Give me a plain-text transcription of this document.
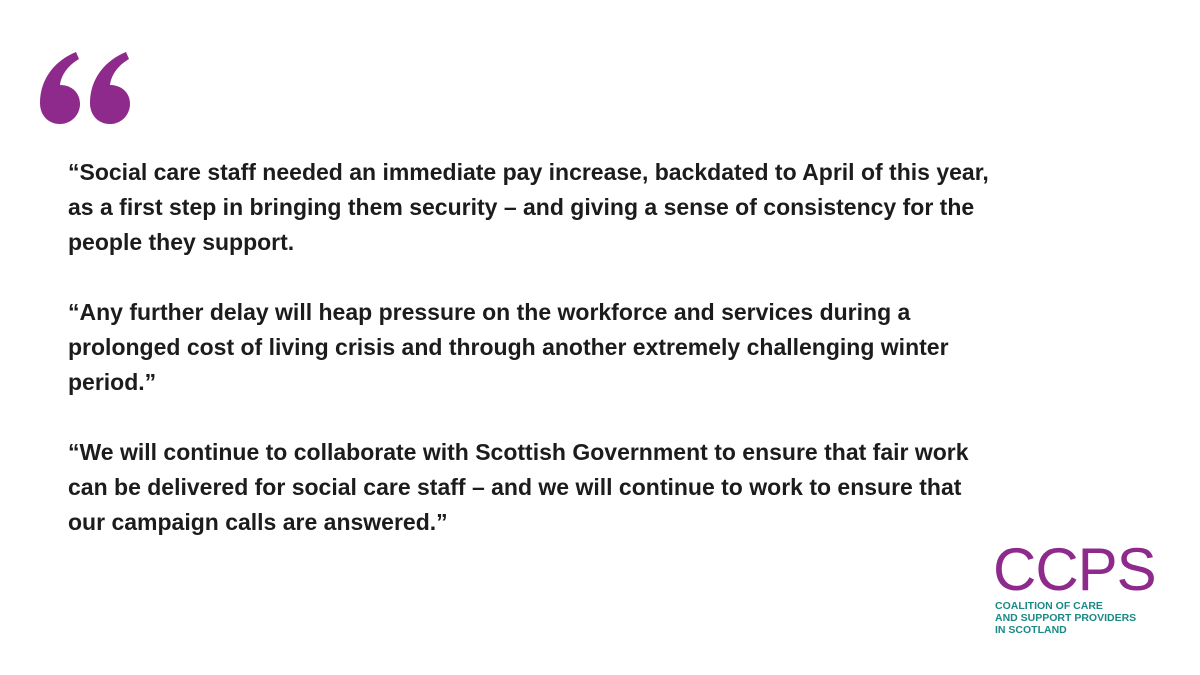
“Social care staff needed an immediate pay increase, backdated to April of this year,
as a first step in bringing them security – and giving a sense of consistency for the
people they support.

“Any further delay will heap pressure on the workforce and services during a
prolonged cost of living crisis and through another extremely challenging winter
period.”

“We will continue to collaborate with Scottish Government to ensure that fair work
can be delivered for social care staff – and we will continue to work to ensure that
our campaign calls are answered.”

CCPS
COALITION OF CARE
AND SUPPORT PROVIDERS
IN SCOTLAND
